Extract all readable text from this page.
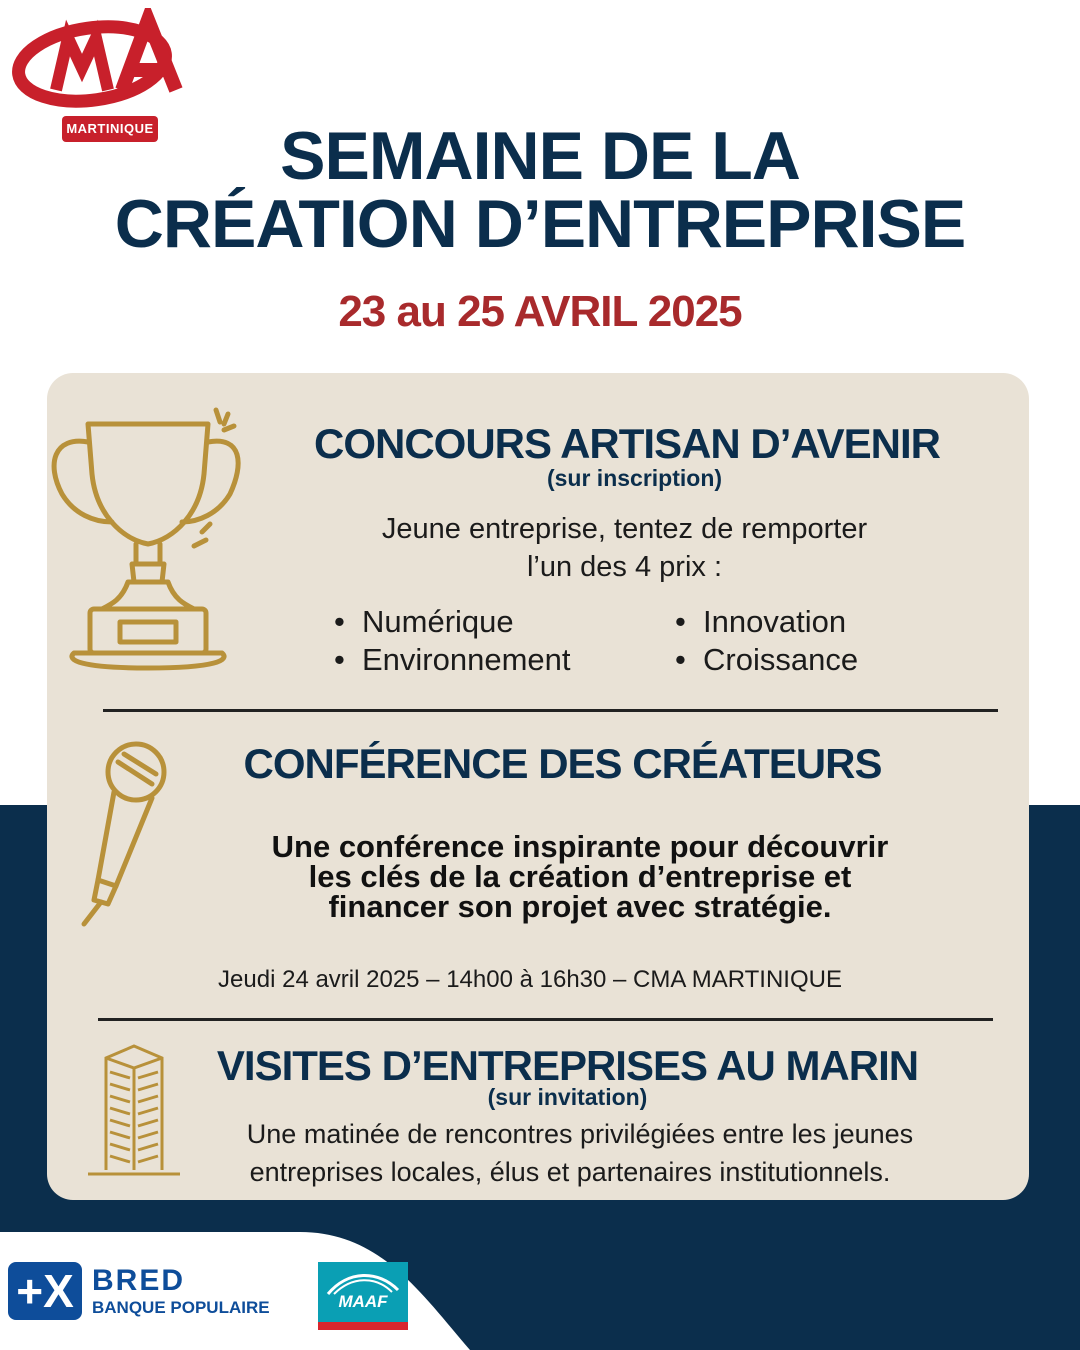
MARTINIQUE	SEMAINE DE LA
CRÉATION D’ENTREPRISE
23 au 25 AVRIL 2025
CONCOURS ARTISAN D’AVENIR
(sur inscription)
Jeune entreprise, tentez de remporter
l’un des 4 prix :
• Numérique
• Environnement
• Innovation
• Croissance
CONFÉRENCE DES CRÉATEURS
Une conférence inspirante pour découvrir
les clés de la création d’entreprise et
financer son projet avec stratégie.
Jeudi 24 avril 2025 – 14h00 à 16h30 – CMA MARTINIQUE
VISITES D’ENTREPRISES AU MARIN
(sur invitation)
Une matinée de rencontres privilégiées entre les jeunes
entreprises locales, élus et partenaires institutionnels.
+X BRED
BANQUE POPULAIRE	MAAF
